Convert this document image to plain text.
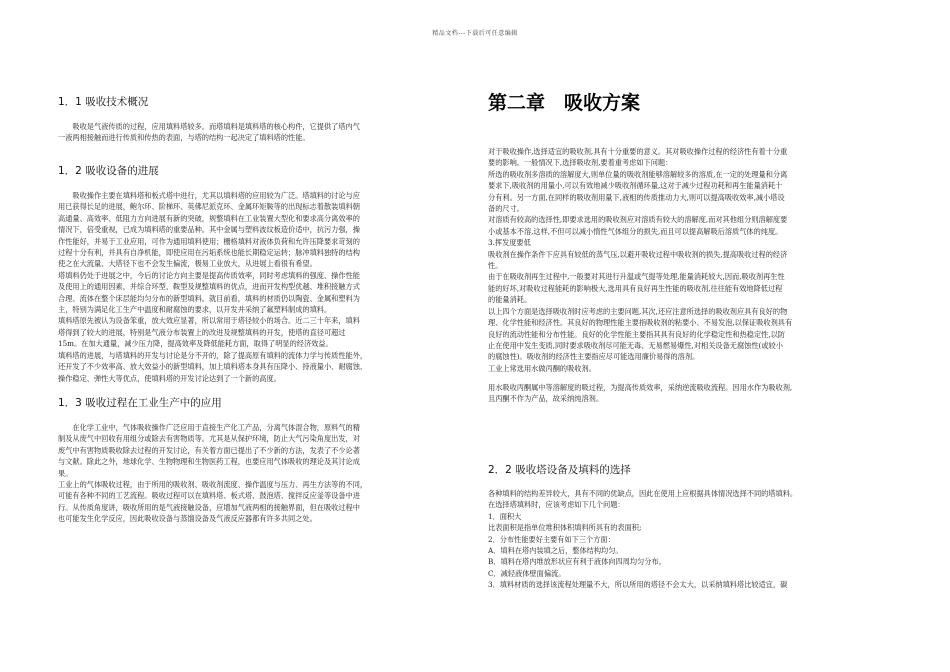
精品文档---下载后可任意编辑
1．1 吸收技术概况
　　吸收是气液传质的过程，应用填料塔较多。而塔填料是填料塔的核心构件，它提供了塔内气
一液两相接触而进行传质和传热的表面，与塔的结构一起决定了填料塔的性能。
1．2 吸收设备的进展
　　吸收操作主要在填料塔和板式塔中进行，尤其以填料塔的应用较为广泛。塔填料的讨论与应
用已获得长足的进展，鲍尔环、阶梯环、英佛尼派克环、金属环矩鞍等的出现标志着散装填料朝
高通量、高效率、低阻力方向进展有新的突破，规整填料在工业装置大型化和要求高分离效率的
情况下，倍受重视，已成为填料塔的重要品种。其中金属与塑料波纹板造价适中，抗污力强，操
作性能好，并易于工业应用，可作为通用填料使用；栅格填料对液体负荷和允许压降要求苛刻的
过程十分有利，并具有自净机能，即使应用在污垢系统也能长期稳定运转；脉冲填料独特的结构
使之在大流量、大塔径下也不会发生偏流，极易工业放大，从进展上看很有希望。
塔填料仍处于进展之中，今后的讨论方向主要是提高传质效率，同时考虑填料的强度、操作性能
及使用上的通用因素，并综合环型、鞍型及规整填料的优点，进而开发构型优越、堆积接触方式
合理、流体在整个床层能均匀分布的新型填料。就目前看，填料的材质仍以陶瓷、金属和塑料为
主，特别为满足化工生产中温度和耐腐蚀的要求，以开发并采纳了氟塑料制成的填料。
填料塔原先被认为设备笨重，放大效应显著，所以常用于塔径较小的场合。近二三十年来，填料
塔得到了较大的进展，特别是气液分布装置上的改进及规整填料的开发，使塔的直径可超过
15m。在加大通量，减少压力降，提高效率及降低能耗方面，取得了明显的经济效益。
填料塔的进展，与塔填料的开发与讨论是分不开的，除了提高原有填料的流体力学与传质性能外，
还开发了不少效率高、放大效益小的新型填料，加上填料塔本身具有压降小、持液量小、耐腐蚀、
操作稳定、弹性大等优点，使填料塔的开发讨论达到了一个新的高度。
1．3 吸收过程在工业生产中的应用
　　在化学工业中，气体吸收操作广泛应用于直接生产化工产品，分离气体混合物，原料气的精
制及从废气中回收有用组分或除去有害物质等。尤其是从保护环境，防止大气污染角度出发，对
废气中有害物质吸收除去过程的开发讨论，有关着方面已提出了不少新的方法，发表了不少论著
与文献。除此之外，地球化学、生物物理和生物医药工程，也要应用气体吸收的理论及其讨论成
果。
工业上的气体吸收过程，由于所用的吸收剂、吸收剂流度、操作温度与压力、再生方法等的不同，
可能有各种不同的工艺流程。吸收过程可以在填料塔、板式塔、鼓泡塔、搅拌反应釜等设备中进
行。从传质角度讲，吸收所用的是气液接触设备，应增加气液两相的接触界面，但在吸收过程中
也可能发生化学反应，因此吸收设备与蒸馏设备及气液反应器都有许多共同之处。
第二章　吸收方案
对于吸收操作,选择适宜的吸收剂,具有十分重要的意义。其对吸收操作过程的经济性有着十分重
要的影响。一般情况下,选择吸收剂,要着重考虑如下问题：
所选的吸收剂多溶质的溶解度大,则单位量的吸收剂能够溶解较多的溶质,在一定的处理量和分离
要求下,吸收剂的用量小,可以有效地减少吸收剂循环量,这对于减少过程功耗和再生能量消耗十
分有利。另一方面,在同样的吸收剂用量下,液相的传质推动力大,则可以提高吸收效率,减小塔设
备的尺寸。
对溶质有较高的选择性,即要求选用的吸收剂应对溶质有较大的溶解度,而对其他组分则溶解度要
小或基本不溶,这样,不但可以减小惰性气体组分的损失,而且可以提高解吸后溶质气体的纯度。
3.挥发度要低
吸收剂在操作条件下应具有较低的蒸气压,以避开吸收过程中吸收剂的损失,提高吸收过程的经济
性。
由于在吸收剂再生过程中,一般要对其进行升温或气提等处理,能量消耗较大,因而,吸收剂再生性
能的好坏,对吸收过程能耗的影响极大,选用具有良好再生性能的吸收剂,往往能有效地降低过程
的能量消耗。
以上四个方面是选择吸收剂时应考虑的主要问题,其次,还应注意所选择的吸收剂应具有良好的物
理、化学性能和经济性。其良好的物理性能主要指吸收剂的粘要小、不易发泡,以保证吸收剂具有
良好的流动性能和分布性能。良好的化学性能主要指其具有良好的化学稳定性和热稳定性,以防
止在使用中发生变质,同时要求吸收剂尽可能无毒、无易燃易爆性,对相关设备无腐蚀性(或较小
的腐蚀性)。吸收剂的经济性主要指应尽可能选用廉价易得的溶剂。
工业上常选用水做丙酮的吸收剂。
用水吸收丙酮属中等溶解度的吸过程，为提高传质效率，采纳逆流吸收流程。因用水作为吸收剂,
且丙酮不作为产品，故采纳纯溶剂。
2．2 吸收塔设备及填料的选择
各种填料的结构差异较大，具有不同的优缺点，因此在使用上应根据具体情况选择不同的塔填料。
在选择塔填料时，应该考虑如下几个问题：
1．面积大
比表面积是指单位堆积体积填料所具有的表面积;
2．分布性能要好主要有如下三个方面：
A．填料在塔内装填之后，整体结构均匀。
B．填料在塔内堆放形状应有利于液体向四周均匀分布。
C．减轻液体壁面偏流。
3．填料材质的选择该流程处理量不大，所以所用的塔径不会太大，以采纳填料塔比较适宜，碳
